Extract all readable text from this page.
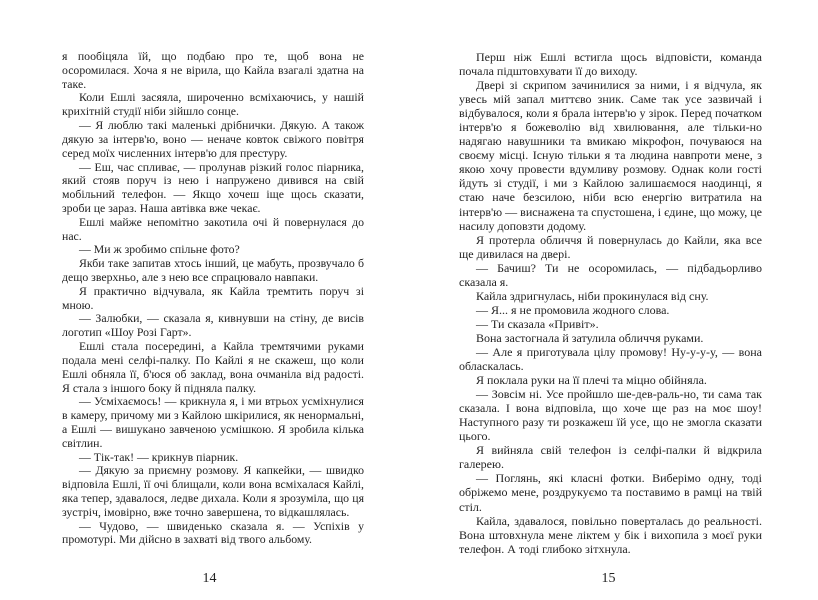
я пообіцяла їй, що подбаю про те, щоб вона не осоромилася. Хоча я не вірила, що Кайла взагалі здатна на таке.

Коли Ешлі засяяла, широченно всміхаючись, у нашій крихітній студії ніби зійшло сонце.

— Я люблю такі маленькі дрібнички. Дякую. А також дякую за інтерв'ю, воно — неначе ковток свіжого повітря серед моїх численних інтерв'ю для престуру.

— Еш, час спливає, — пролунав різкий голос піарника, який стояв поруч із нею і напружено дивився на свій мобільний телефон. — Якщо хочеш іще щось сказати, зроби це зараз. Наша автівка вже чекає.

Ешлі майже непомітно закотила очі й повернулася до нас.

— Ми ж зробимо спільне фото?

Якби таке запитав хтось інший, це мабуть, прозвучало б дещо зверхньо, але з нею все спрацювало навпаки.

Я практично відчувала, як Кайла тремтить поруч зі мною.

— Залюбки, — сказала я, кивнувши на стіну, де висів логотип «Шоу Розі Гарт».

Ешлі стала посередині, а Кайла тремтячими руками подала мені селфі-палку. По Кайлі я не скажеш, що коли Ешлі обняла її, б'юся об заклад, вона очманіла від радості. Я стала з іншого боку й підняла палку.

— Усміхаємось! — крикнула я, і ми втрьох усміхнулися в камеру, причому ми з Кайлою шкірилися, як ненормальні, а Ешлі — вишукано завченою усмішкою. Я зробила кілька світлин.

— Тік-так! — крикнув піарник.

— Дякую за приємну розмову. Я капкейки, — швидко відповіла Ешлі, її очі блищали, коли вона всміхалася Кайлі, яка тепер, здавалося, ледве дихала. Коли я зрозуміла, що ця зустріч, імовірно, вже точно завершена, то відкашлялась.

— Чудово, — швиденько сказала я. — Успіхів у промотурі. Ми дійсно в захваті від твого альбому.

14

Перш ніж Ешлі встигла щось відповісти, команда почала підштовхувати її до виходу.

Двері зі скрипом зачинилися за ними, і я відчула, як увесь мій запал миттєво зник. Саме так усе зазвичай і відбувалося, коли я брала інтерв'ю у зірок. Перед початком інтерв'ю я божеволію від хвилювання, але тільки-но надягаю навушники та вмикаю мікрофон, почуваюся на своєму місці. Існую тільки я та людина навпроти мене, з якою хочу провести вдумливу розмову. Однак коли гості йдуть зі студії, і ми з Кайлою залишаємося наодинці, я стаю наче безсилою, ніби всю енергію витратила на інтерв'ю — виснажена та спустошена, і єдине, що можу, це насилу доповзти додому.

Я протерла обличчя й повернулась до Кайли, яка все ще дивилася на двері.

— Бачиш? Ти не осоромилась, — підбадьорливо сказала я.

Кайла здригнулась, ніби прокинулася від сну.

— Я... я не промовила жодного слова.

— Ти сказала «Привіт».

Вона застогнала й затулила обличчя руками.

— Але я приготувала цілу промову! Ну-у-у-у, — вона обласкалась.

Я поклала руки на її плечі та міцно обійняла.

— Зовсім ні. Усе пройшло ше-дев-раль-но, ти сама так сказала. І вона відповіла, що хоче ще раз на моє шоу! Наступного разу ти розкажеш їй усе, що не змогла сказати цього.

Я вийняла свій телефон із селфі-палки й відкрила галерею.

— Поглянь, які класні фотки. Виберімо одну, тоді обріжемо мене, роздрукуємо та поставимо в рамці на твій стіл.

Кайла, здавалося, повільно поверталась до реальності. Вона штовхнула мене ліктем у бік і вихопила з моєї руки телефон. А тоді глибоко зітхнула.

15
